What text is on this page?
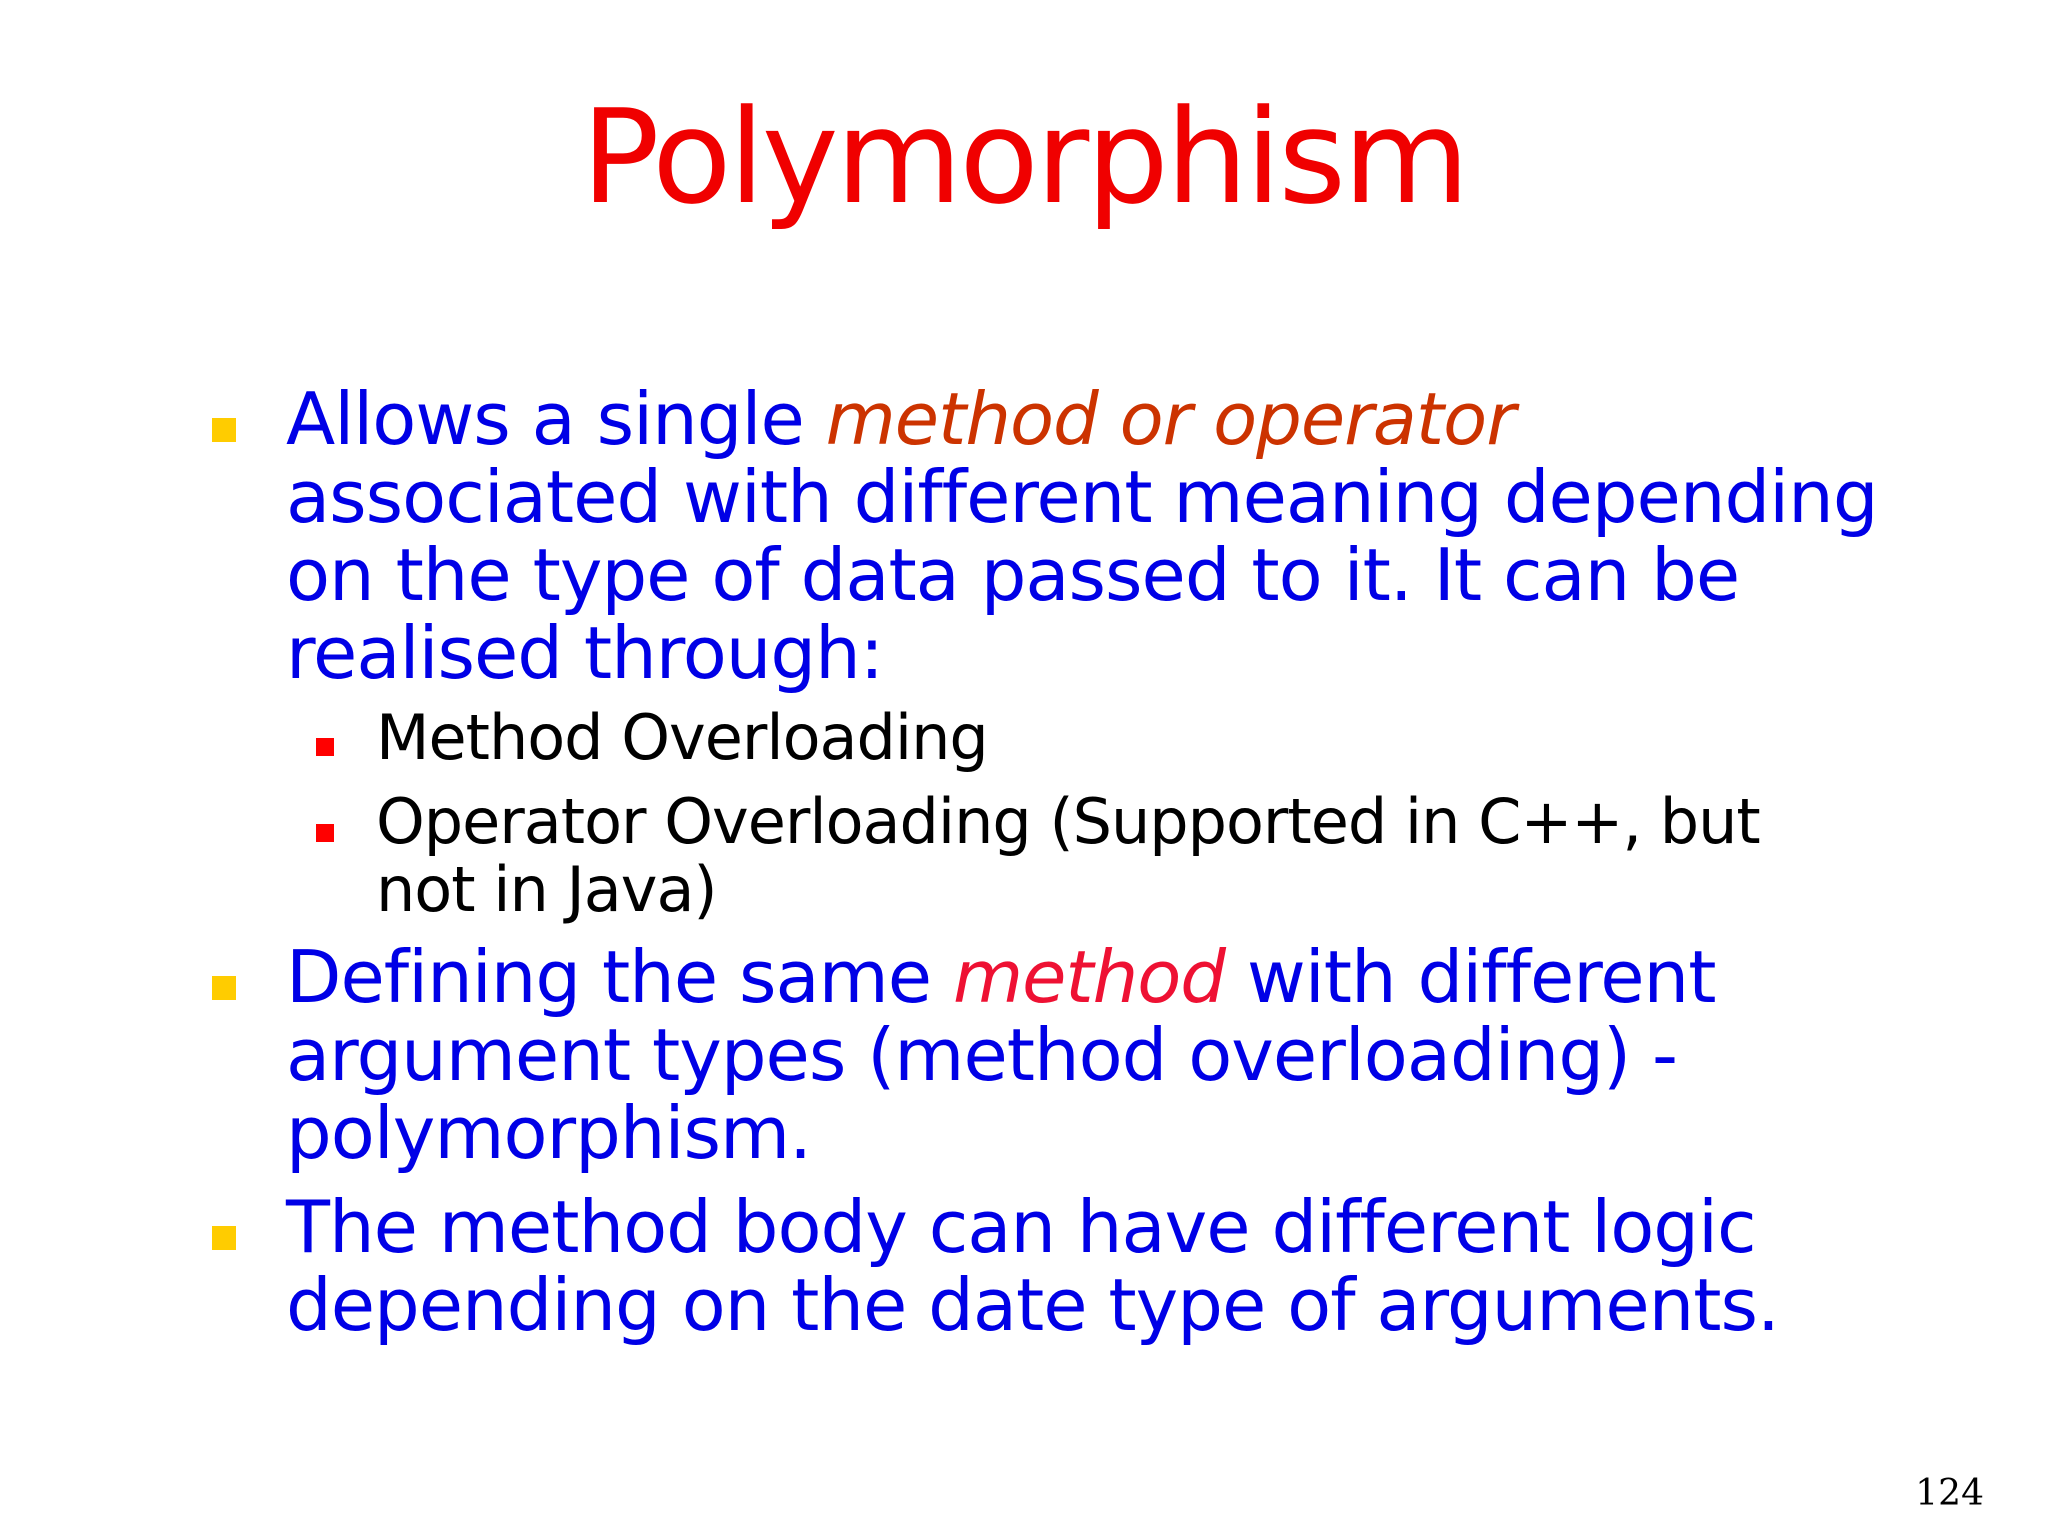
Polymorphism
Allows a single method or operator
associated with different meaning depending
on the type of data passed to it. It can be
realised through:
Method Overloading
Operator Overloading (Supported in C++, but
not in Java)
Defining the same method with different
argument types (method overloading) -
polymorphism.
The method body can have different logic
depending on the date type of arguments.
124
